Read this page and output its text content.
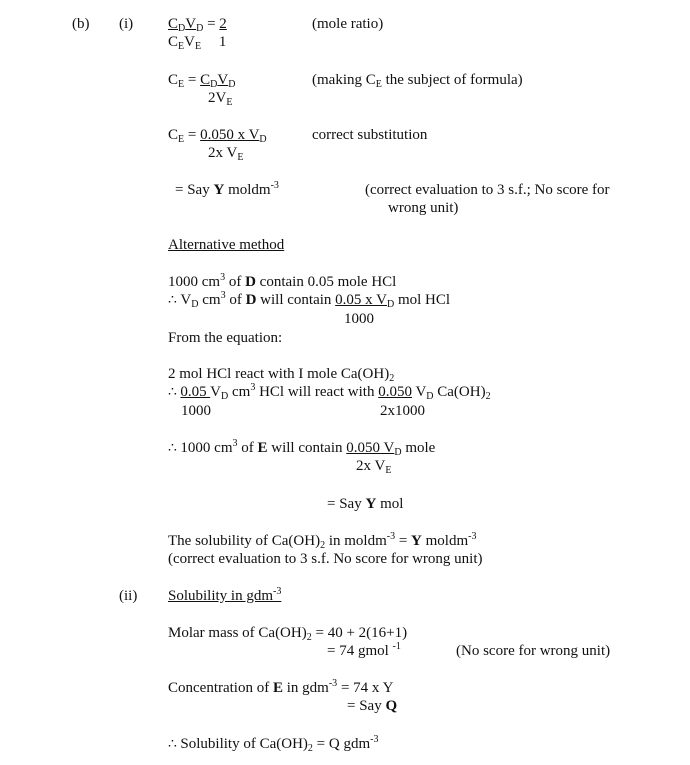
(b) (i) $C_DV_D = 2$
$C_EV_E$ 1
(mole ratio)
$C_E = C_DV_D$
$2V_E$
(making $C_E$ the subject of formula)
$C_E = 0.050$ x $V_D$
2x $V_E$
correct substitution
= Say Y moldm$^{-3}$	(correct evaluation to 3 s.f.; No score for
wrong unit)
Alternative method
1000 $cm^3$ of D contain 0.05 mole HCl
∴ $V_D$ $cm^3$ of D will contain 0.05 x $V_D$ mol HCl
1000
From the equation:
2 mol HCl react with I mole $Ca(OH)_2$
∴ 0.05 $V_D$ $cm^3$ HCl will react with 0.050 $V_D$ $Ca(OH)_2$
1000	2x1000
∴ 1000 $cm^3$ of E will contain 0.050 $V_D$ mole
2x $V_E$
= Say Y mol
The solubility of $Ca(OH)_2$ in moldm$^{-3}$ = Y moldm$^{-3}$
(correct evaluation to 3 s.f. No score for wrong unit)
(ii) Solubility in gdm$^{-3}$
Molar mass of $Ca(OH)_2 = 40 + 2(16+1)$
= 74 gmol $^{-1}$	(No score for wrong unit)
Concentration of E in gdm$^{-3}$ = 74 x Y
= Say Q
∴ Solubility of $Ca(OH)_2 = Q$ gdm$^{-3}$
